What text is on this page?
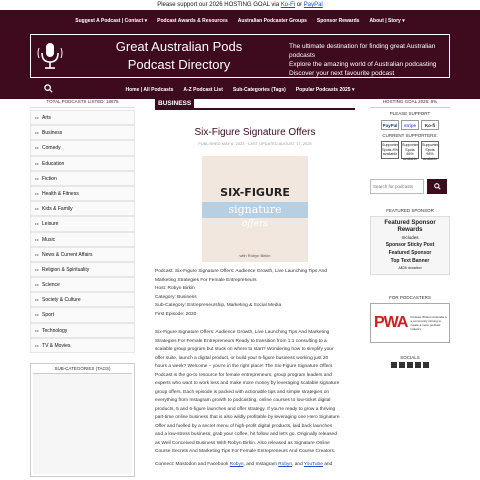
Please support our 2026 HOSTING GOAL via Ko-Fi or PayPal
Suggest A Podcast | Contact ▾ Podcast Awards & Resources Australian Podcaster Groups Sponsor Rewards About | Story ▾
Great Australian Pods
Podcast Directory
The ultimate destination for finding great Australian podcasts
Explore the amazing world of Australian podcasting
Discover your next favourite podcast
Home | All Podcasts A-Z Podcast List Sub-Categories (Tags) Popular Podcasts 2025 ▾
TOTAL PODCASTS LISTED: 18878
▸▸ Arts
▸▸ Business
▸▸ Comedy
▸▸ Education
▸▸ Fiction
▸▸ Health & Fitness
▸▸ Kids & Family
▸▸ Leisure
▸▸ Music
▸▸ News & Current Affairs
▸▸ Religion & Spirituality
▸▸ Science
▸▸ Society & Culture
▸▸ Sport
▸▸ Technology
▸▸ TV & Movies
SUB-CATEGORIES (TAGS)
BUSINESS
Six-Figure Signature Offers
PUBLISHED MAY 6, 2023 · LAST UPDATED AUGUST 17, 2025
SIX-FIGURE
signature
offers
with Robyn Birkin

Podcast: Six-Figure Signature Offers: Audience Growth, Live Launching Tips And

Marketing Strategies For Female Entrepreneurs

Host: Robyn Birkin

Category: Business

Sub-Category: Entrepreneurship, Marketing & Social Media

First Episode: 2020

Six-Figure Signature Offers: Audience Growth, Live Launching Tips And Marketing
Strategies For Female Entrepreneurs Ready to transition from 1:1 consulting to a
scalable group program but stuck on where to start? Wondering how to simplify your
offer suite, launch a digital product, or build your 6-figure business working just 20
hours a week? Welcome – you're in the right place! The Six-Figure Signature Offers
Podcast is the go-to resource for female entrepreneurs, group program leaders and
experts who want to work less and make more money by leveraging scalable signature
group offers. Each episode is packed with actionable tips and simple strategies on
everything from Instagram growth to podcasting, online courses to low-ticket digital
products, 5 and 6-figure launches and offer strategy. If you're ready to grow a thriving
part-time online business that is also wildly profitable by leveraging one Hero Signature
Offer and fuelled by a secret menu of high-profit digital products, laid back launches
and a low-stress business, grab your coffee, hit follow and let's go. Originally released
as Well Conceived Business With Robyn Birkin. Also released as Signature Online
Course Secrets And Marketing Tips For Female Entrepreneurs And Course Creators.
Connect: Mastodon and Facebook Robyn, and Instagram Robyn, and YouTube and
HOSTING GOAL 2026: 8%
PLEASE SUPPORT
PayPal	stripe	Ko-fi
CURRENT SUPPORTERS:
Supporter Spots 8% available
Supporter Spots 98% available
Supporter Spots 98% available
Search for podcasts
FEATURED SPONSOR
Featured Sponsor
Rewards
Includes
Sponsor Sticky Post
Featured Sponsor
Top Text Banner
A$35 donation
FOR PODCASTERS
PWA Podcast Writers Australia is a community striving to create a more podcast industry
SOCIALS
